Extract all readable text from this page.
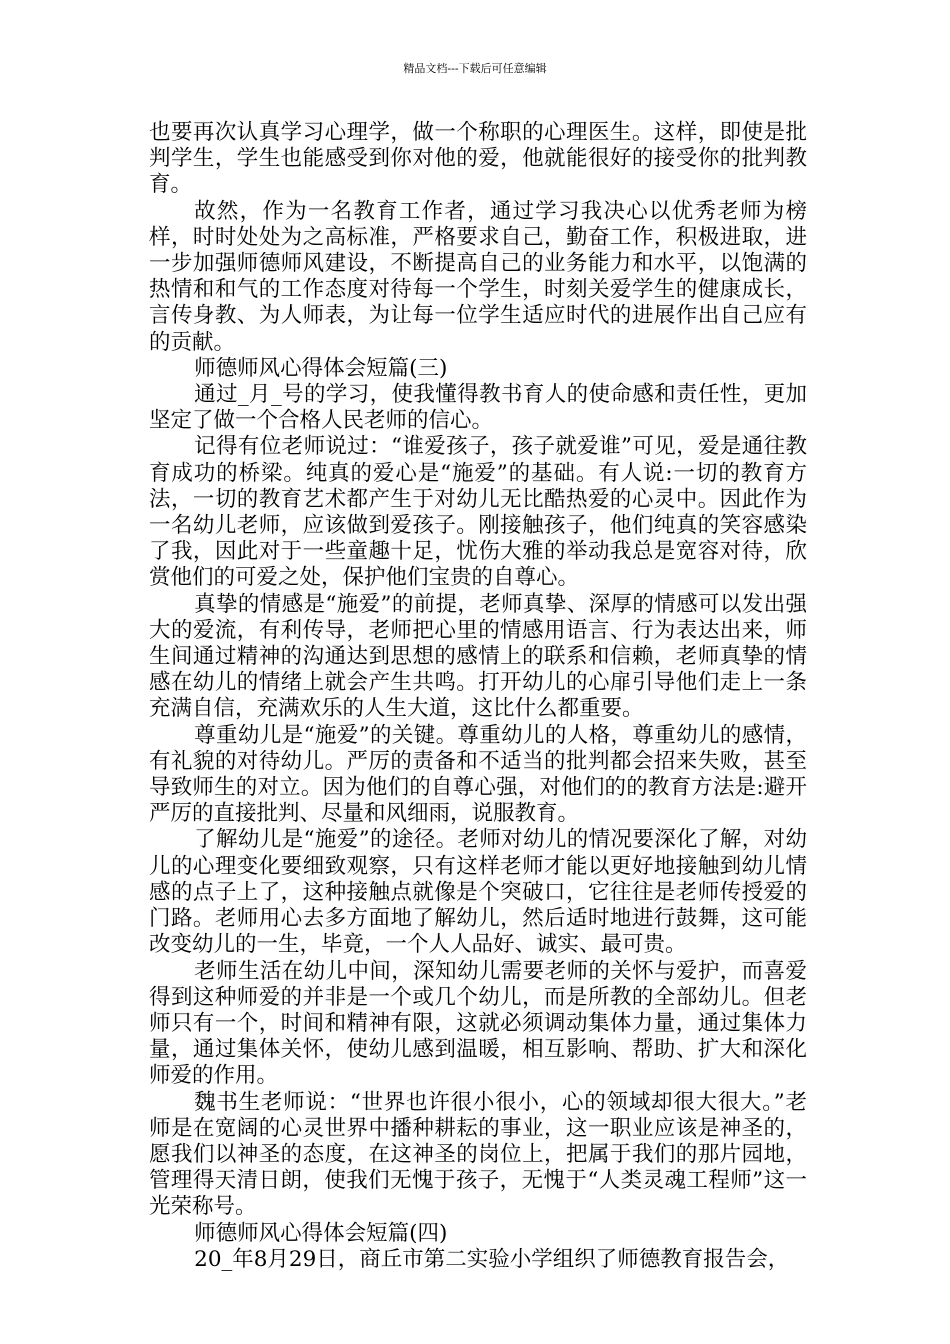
精品文档---下载后可任意编辑

也要再次认真学习心理学，做一个称职的心理医生。这样，即使是批判学生，学生也能感受到你对他的爱，他就能很好的接受你的批判教育。

故然，作为一名教育工作者，通过学习我决心以优秀老师为榜样，时时处处为之高标准，严格要求自己，勤奋工作，积极进取，进一步加强师德师风建设，不断提高自己的业务能力和水平，以饱满的热情和和气的工作态度对待每一个学生，时刻关爱学生的健康成长，言传身教、为人师表，为让每一位学生适应时代的进展作出自己应有的贡献。

师德师风心得体会短篇(三)

通过_月_号的学习，使我懂得教书育人的使命感和责任性，更加坚定了做一个合格人民老师的信心。

记得有位老师说过：“谁爱孩子，孩子就爱谁”可见，爱是通往教育成功的桥梁。纯真的爱心是“施爱”的基础。有人说:一切的教育方法，一切的教育艺术都产生于对幼儿无比酷热爱的心灵中。因此作为一名幼儿老师，应该做到爱孩子。刚接触孩子，他们纯真的笑容感染了我，因此对于一些童趣十足，忧伤大雅的举动我总是宽容对待，欣赏他们的可爱之处，保护他们宝贵的自尊心。

真挚的情感是“施爱”的前提，老师真挚、深厚的情感可以发出强大的爱流，有利传导，老师把心里的情感用语言、行为表达出来，师生间通过精神的沟通达到思想的感情上的联系和信赖，老师真挚的情感在幼儿的情绪上就会产生共鸣。打开幼儿的心扉引导他们走上一条充满自信，充满欢乐的人生大道，这比什么都重要。

尊重幼儿是“施爱”的关键。尊重幼儿的人格，尊重幼儿的感情，有礼貌的对待幼儿。严厉的责备和不适当的批判都会招来失败，甚至导致师生的对立。因为他们的自尊心强，对他们的的教育方法是:避开严厉的直接批判、尽量和风细雨，说服教育。

了解幼儿是“施爱”的途径。老师对幼儿的情况要深化了解，对幼儿的心理变化要细致观察，只有这样老师才能以更好地接触到幼儿情感的点子上了，这种接触点就像是个突破口，它往往是老师传授爱的门路。老师用心去多方面地了解幼儿，然后适时地进行鼓舞，这可能改变幼儿的一生，毕竟，一个人人品好、诚实、最可贵。

老师生活在幼儿中间，深知幼儿需要老师的关怀与爱护，而喜爱得到这种师爱的并非是一个或几个幼儿，而是所教的全部幼儿。但老师只有一个，时间和精神有限，这就必须调动集体力量，通过集体力量，通过集体关怀，使幼儿感到温暖，相互影响、帮助、扩大和深化师爱的作用。

魏书生老师说：“世界也许很小很小，心的领域却很大很大。”老师是在宽阔的心灵世界中播种耕耘的事业，这一职业应该是神圣的，愿我们以神圣的态度，在这神圣的岗位上，把属于我们的那片园地，管理得天清日朗，使我们无愧于孩子，无愧于“人类灵魂工程师”这一光荣称号。

师德师风心得体会短篇(四)

20_年8月29日，商丘市第二实验小学组织了师德教育报告会，
